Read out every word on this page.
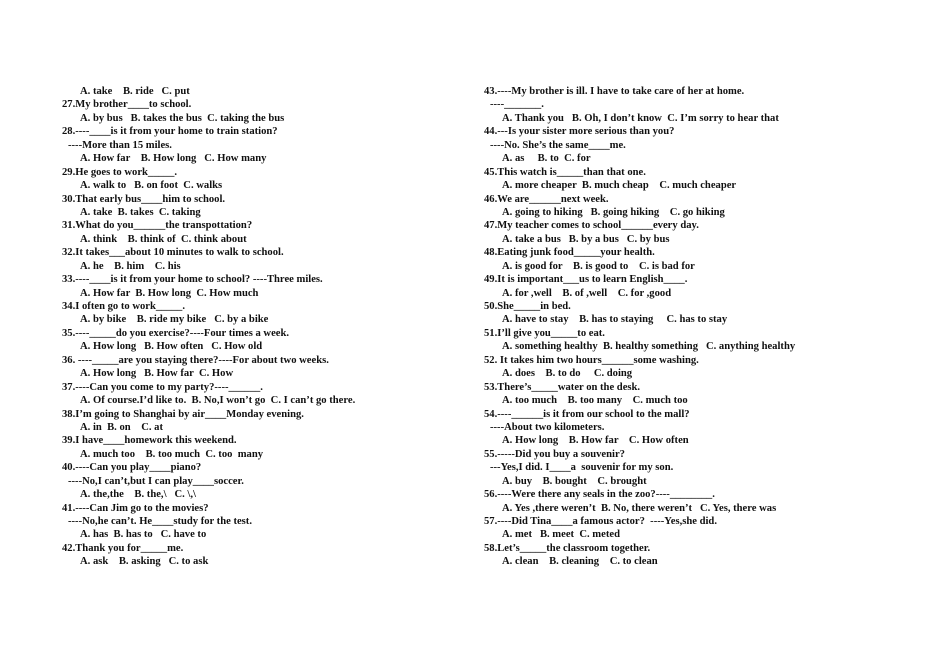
A. take    B. ride   C. put
27.My brother____to school.
A. by bus   B. takes the bus  C. taking the bus
28.----____is it from your home to train station?
----More than 15 miles.
A. How far    B. How long   C. How many
29.He goes to work_____.
A. walk to   B. on foot  C. walks
30.That early bus____him to school.
A. take  B. takes  C. taking
31.What do you______the transpottation?
A. think    B. think of  C. think about
32.It takes___about 10 minutes to walk to school.
A. he    B. him    C. his
33.----____is it from your home to school? ----Three miles.
A. How far  B. How long  C. How much
34.I often go to work_____.
A. by bike    B. ride my bike   C. by a bike
35.----_____do you exercise?----Four times a week.
A. How long   B. How often   C. How old
36. ----_____are you staying there?----For about two weeks.
A. How long   B. How far  C. How
37.----Can you come to my party?----______.
A. Of course.I’d like to.  B. No,I won’t go  C. I can’t go there.
38.I’m going to Shanghai by air____Monday evening.
A. in  B. on    C. at
39.I have____homework this weekend.
A. much too    B. too much  C. too  many
40.----Can you play____piano?
----No,I can’t,but I can play____soccer.
A. the,the    B. the,\   C. \,\
41.----Can Jim go to the movies?
----No,he can’t. He____study for the test.
A. has  B. has to   C. have to
42.Thank you for_____me.
A. ask    B. asking   C. to ask
43.----My brother is ill. I have to take care of her at home.
----_______.
A. Thank you   B. Oh, I don’t know  C. I’m sorry to hear that
44.---Is your sister more serious than you?
----No. She’s the same____me.
A. as     B. to  C. for
45.This watch is_____than that one.
A. more cheaper  B. much cheap    C. much cheaper
46.We are______next week.
A. going to hiking   B. going hiking    C. go hiking
47.My teacher comes to school______every day.
A. take a bus   B. by a bus   C. by bus
48.Eating junk food_____your health.
A. is good for    B. is good to    C. is bad for
49.It is important___us to learn English____.
A. for ,well    B. of ,well    C. for ,good
50.She_____in bed.
A. have to stay    B. has to staying     C. has to stay
51.I’ll give you_____to eat.
A. something healthy  B. healthy something   C. anything healthy
52. It takes him two hours______some washing.
A. does    B. to do     C. doing
53.There’s_____water on the desk.
A. too much    B. too many    C. much too
54.----______is it from our school to the mall?
----About two kilometers.
A. How long    B. How far    C. How often
55.-----Did you buy a souvenir?
---Yes,I did. I____a  souvenir for my son.
A. buy    B. bought    C. brought
56.----Were there any seals in the zoo?----________.
A. Yes ,there weren’t  B. No, there weren’t   C. Yes, there was
57.----Did Tina____a famous actor?  ----Yes,she did.
A. met   B. meet  C. meted
58.Let’s_____the classroom together.
A. clean    B. cleaning    C. to clean
